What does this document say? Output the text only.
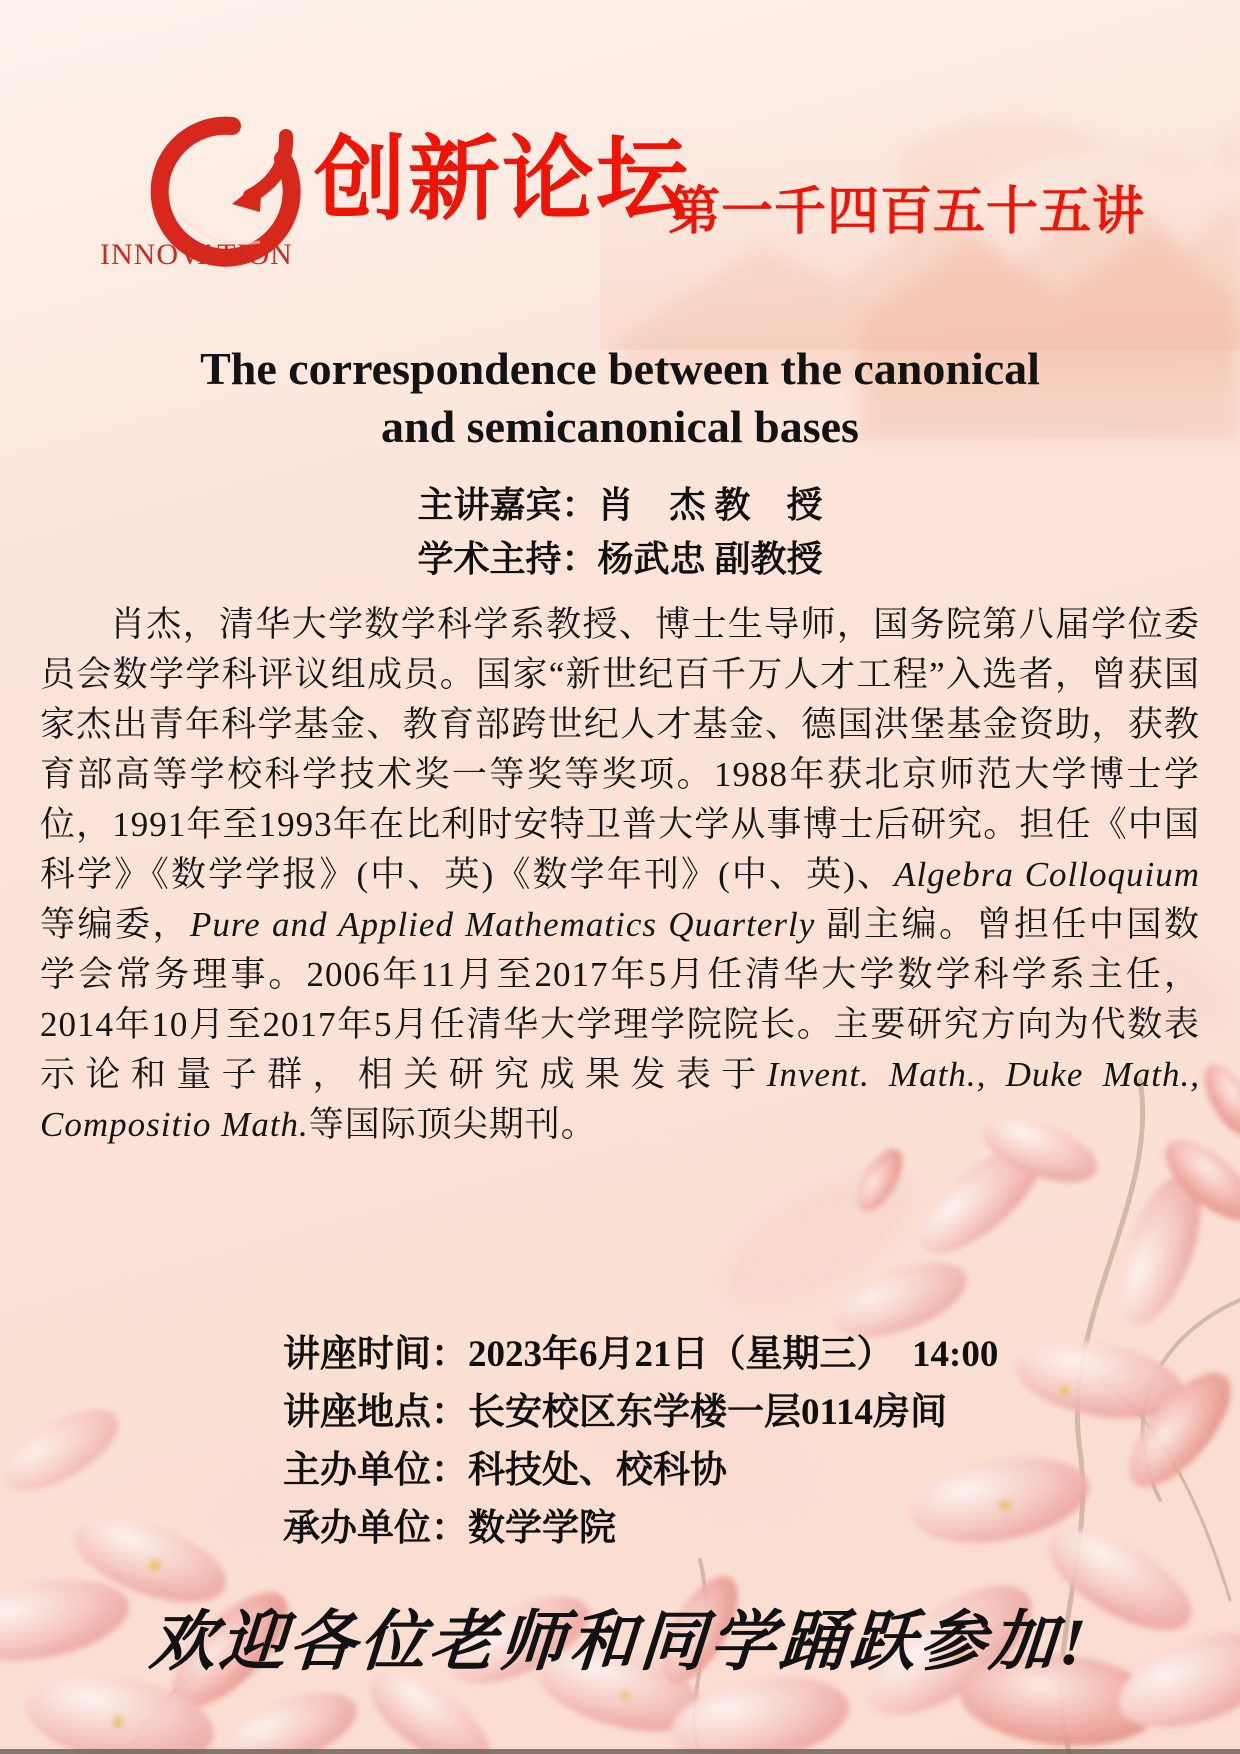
INNOVATION
创新论坛
第一千四百五十五讲
The correspondence between the canonical
and semicanonical bases
主讲嘉宾：肖　杰 教　授
学术主持：杨武忠 副教授
肖杰，清华大学数学科学系教授、博士生导师，国务院第八届学位委员会数学学科评议组成员。国家“新世纪百千万人才工程”入选者，曾获国家杰出青年科学基金、教育部跨世纪人才基金、德国洪堡基金资助，获教育部高等学校科学技术奖一等奖等奖项。1988年获北京师范大学博士学位，1991年至1993年在比利时安特卫普大学从事博士后研究。担任《中国科学》《数学学报》(中、英)《数学年刊》(中、英)、Algebra Colloquium等编委，Pure and Applied Mathematics Quarterly 副主编。曾担任中国数学会常务理事。2006年11月至2017年5月任清华大学数学科学系主任，2014年10月至2017年5月任清华大学理学院院长。主要研究方向为代数表示论和量子群，相关研究成果发表于Invent. Math., Duke Math., Compositio Math.等国际顶尖期刊。
讲座时间：2023年6月21日（星期三）　14:00
讲座地点：长安校区东学楼一层0114房间
主办单位：科技处、校科协
承办单位：数学学院
欢迎各位老师和同学踊跃参加!
